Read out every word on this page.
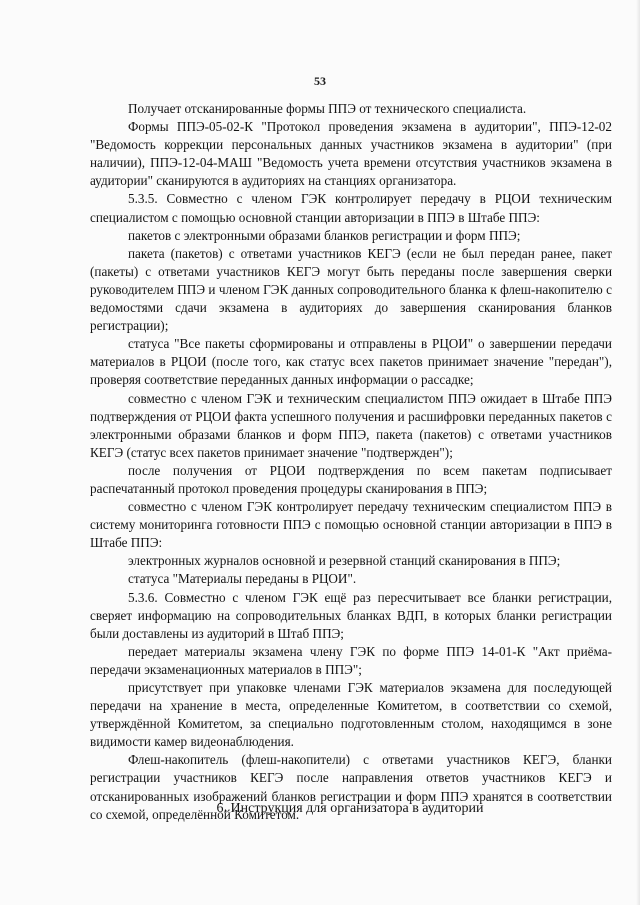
53

Получает отсканированные формы ППЭ от технического специалиста.

Формы ППЭ-05-02-К "Протокол проведения экзамена в аудитории", ППЭ-12-02 "Ведомость коррекции персональных данных участников экзамена в аудитории" (при наличии), ППЭ-12-04-МАШ "Ведомость учета времени отсутствия участников экзамена в аудитории" сканируются в аудиториях на станциях организатора.

5.3.5. Совместно с членом ГЭК контролирует передачу в РЦОИ техническим специалистом с помощью основной станции авторизации в ППЭ в Штабе ППЭ:

пакетов с электронными образами бланков регистрации и форм ППЭ;

пакета (пакетов) с ответами участников КЕГЭ (если не был передан ранее, пакет (пакеты) с ответами участников КЕГЭ могут быть переданы после завершения сверки руководителем ППЭ и членом ГЭК данных сопроводительного бланка к флеш-накопителю с ведомостями сдачи экзамена в аудиториях до завершения сканирования бланков регистрации);

статуса "Все пакеты сформированы и отправлены в РЦОИ" о завершении передачи материалов в РЦОИ (после того, как статус всех пакетов принимает значение "передан"), проверяя соответствие переданных данных информации о рассадке;

совместно с членом ГЭК и техническим специалистом ППЭ ожидает в Штабе ППЭ подтверждения от РЦОИ факта успешного получения и расшифровки переданных пакетов с электронными образами бланков и форм ППЭ, пакета (пакетов) с ответами участников КЕГЭ (статус всех пакетов принимает значение "подтвержден");

после получения от РЦОИ подтверждения по всем пакетам подписывает распечатанный протокол проведения процедуры сканирования в ППЭ;

совместно с членом ГЭК контролирует передачу техническим специалистом ППЭ в систему мониторинга готовности ППЭ с помощью основной станции авторизации в ППЭ в Штабе ППЭ:

электронных журналов основной и резервной станций сканирования в ППЭ;

статуса "Материалы переданы в РЦОИ".

5.3.6. Совместно с членом ГЭК ещё раз пересчитывает все бланки регистрации, сверяет информацию на сопроводительных бланках ВДП, в которых бланки регистрации были доставлены из аудиторий в Штаб ППЭ;

передает материалы экзамена члену ГЭК по форме ППЭ 14-01-К "Акт приёма-передачи экзаменационных материалов в ППЭ";

присутствует при упаковке членами ГЭК материалов экзамена для последующей передачи на хранение в места, определенные Комитетом, в соответствии со схемой, утверждённой Комитетом, за специально подготовленным столом, находящимся в зоне видимости камер видеонаблюдения.

Флеш-накопитель (флеш-накопители) с ответами участников КЕГЭ, бланки регистрации участников КЕГЭ после направления ответов участников КЕГЭ и отсканированных изображений бланков регистрации и форм ППЭ хранятся в соответствии со схемой, определённой Комитетом.

6. Инструкция для организатора в аудитории
